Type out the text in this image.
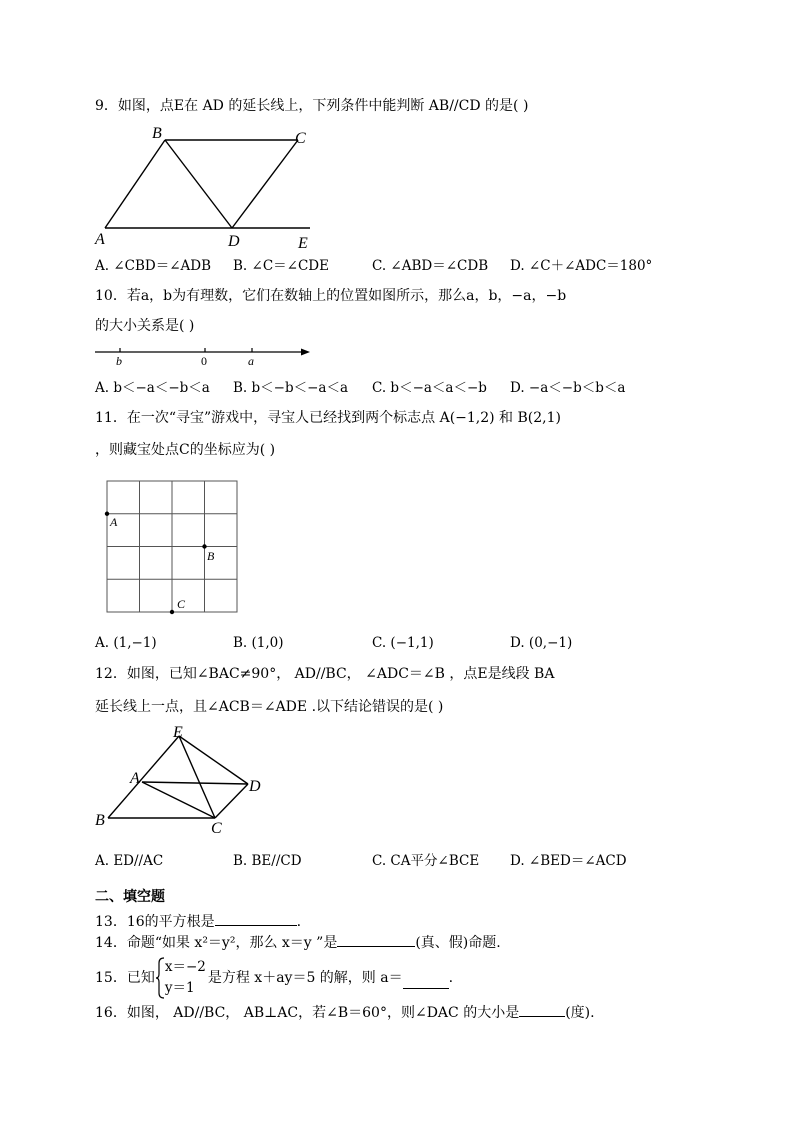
9．如图，点E在 AD 的延长线上，下列条件中能判断 AB//CD 的是( )
B	C
A	D	E
A. ∠CBD＝∠ADB B. ∠C＝∠CDE	C. ∠ABD＝∠CDB D. ∠C＋∠ADC＝180°
10．若a，b为有理数，它们在数轴上的位置如图所示，那么a，b，−a，−b
的大小关系是( )
b	0	a
A. b＜−a＜−b＜a B. b＜−b＜−a＜a C. b＜−a＜a＜−b D. −a＜−b＜b＜a
11．在一次“寻宝”游戏中，寻宝人已经找到两个标志点 A(−1,2) 和 B(2,1)
，则藏宝处点C的坐标应为( )
A
B
C
A. (1,−1)	B. (1,0)	C. (−1,1)	D. (0,−1)
12．如图，已知∠BAC≠90°， AD//BC， ∠ADC＝∠B ，点E是线段 BA
延长线上一点，且∠ACB＝∠ADE .以下结论错误的是( )
E
A	D
B	C
A. ED//AC	B. BE//CD	C. CA平分∠BCE D. ∠BED＝∠ACD
二、填空题
13．16的平方根是	.
14．命题“如果 x²＝y²，那么 x＝y ”是	(真、假)命题.
15．已知
x＝−2
y＝1
是方程 x＋ay＝5 的解，则 a＝	.
16．如图， AD//BC， AB⊥AC，若∠B＝60°，则∠DAC 的大小是	(度).
